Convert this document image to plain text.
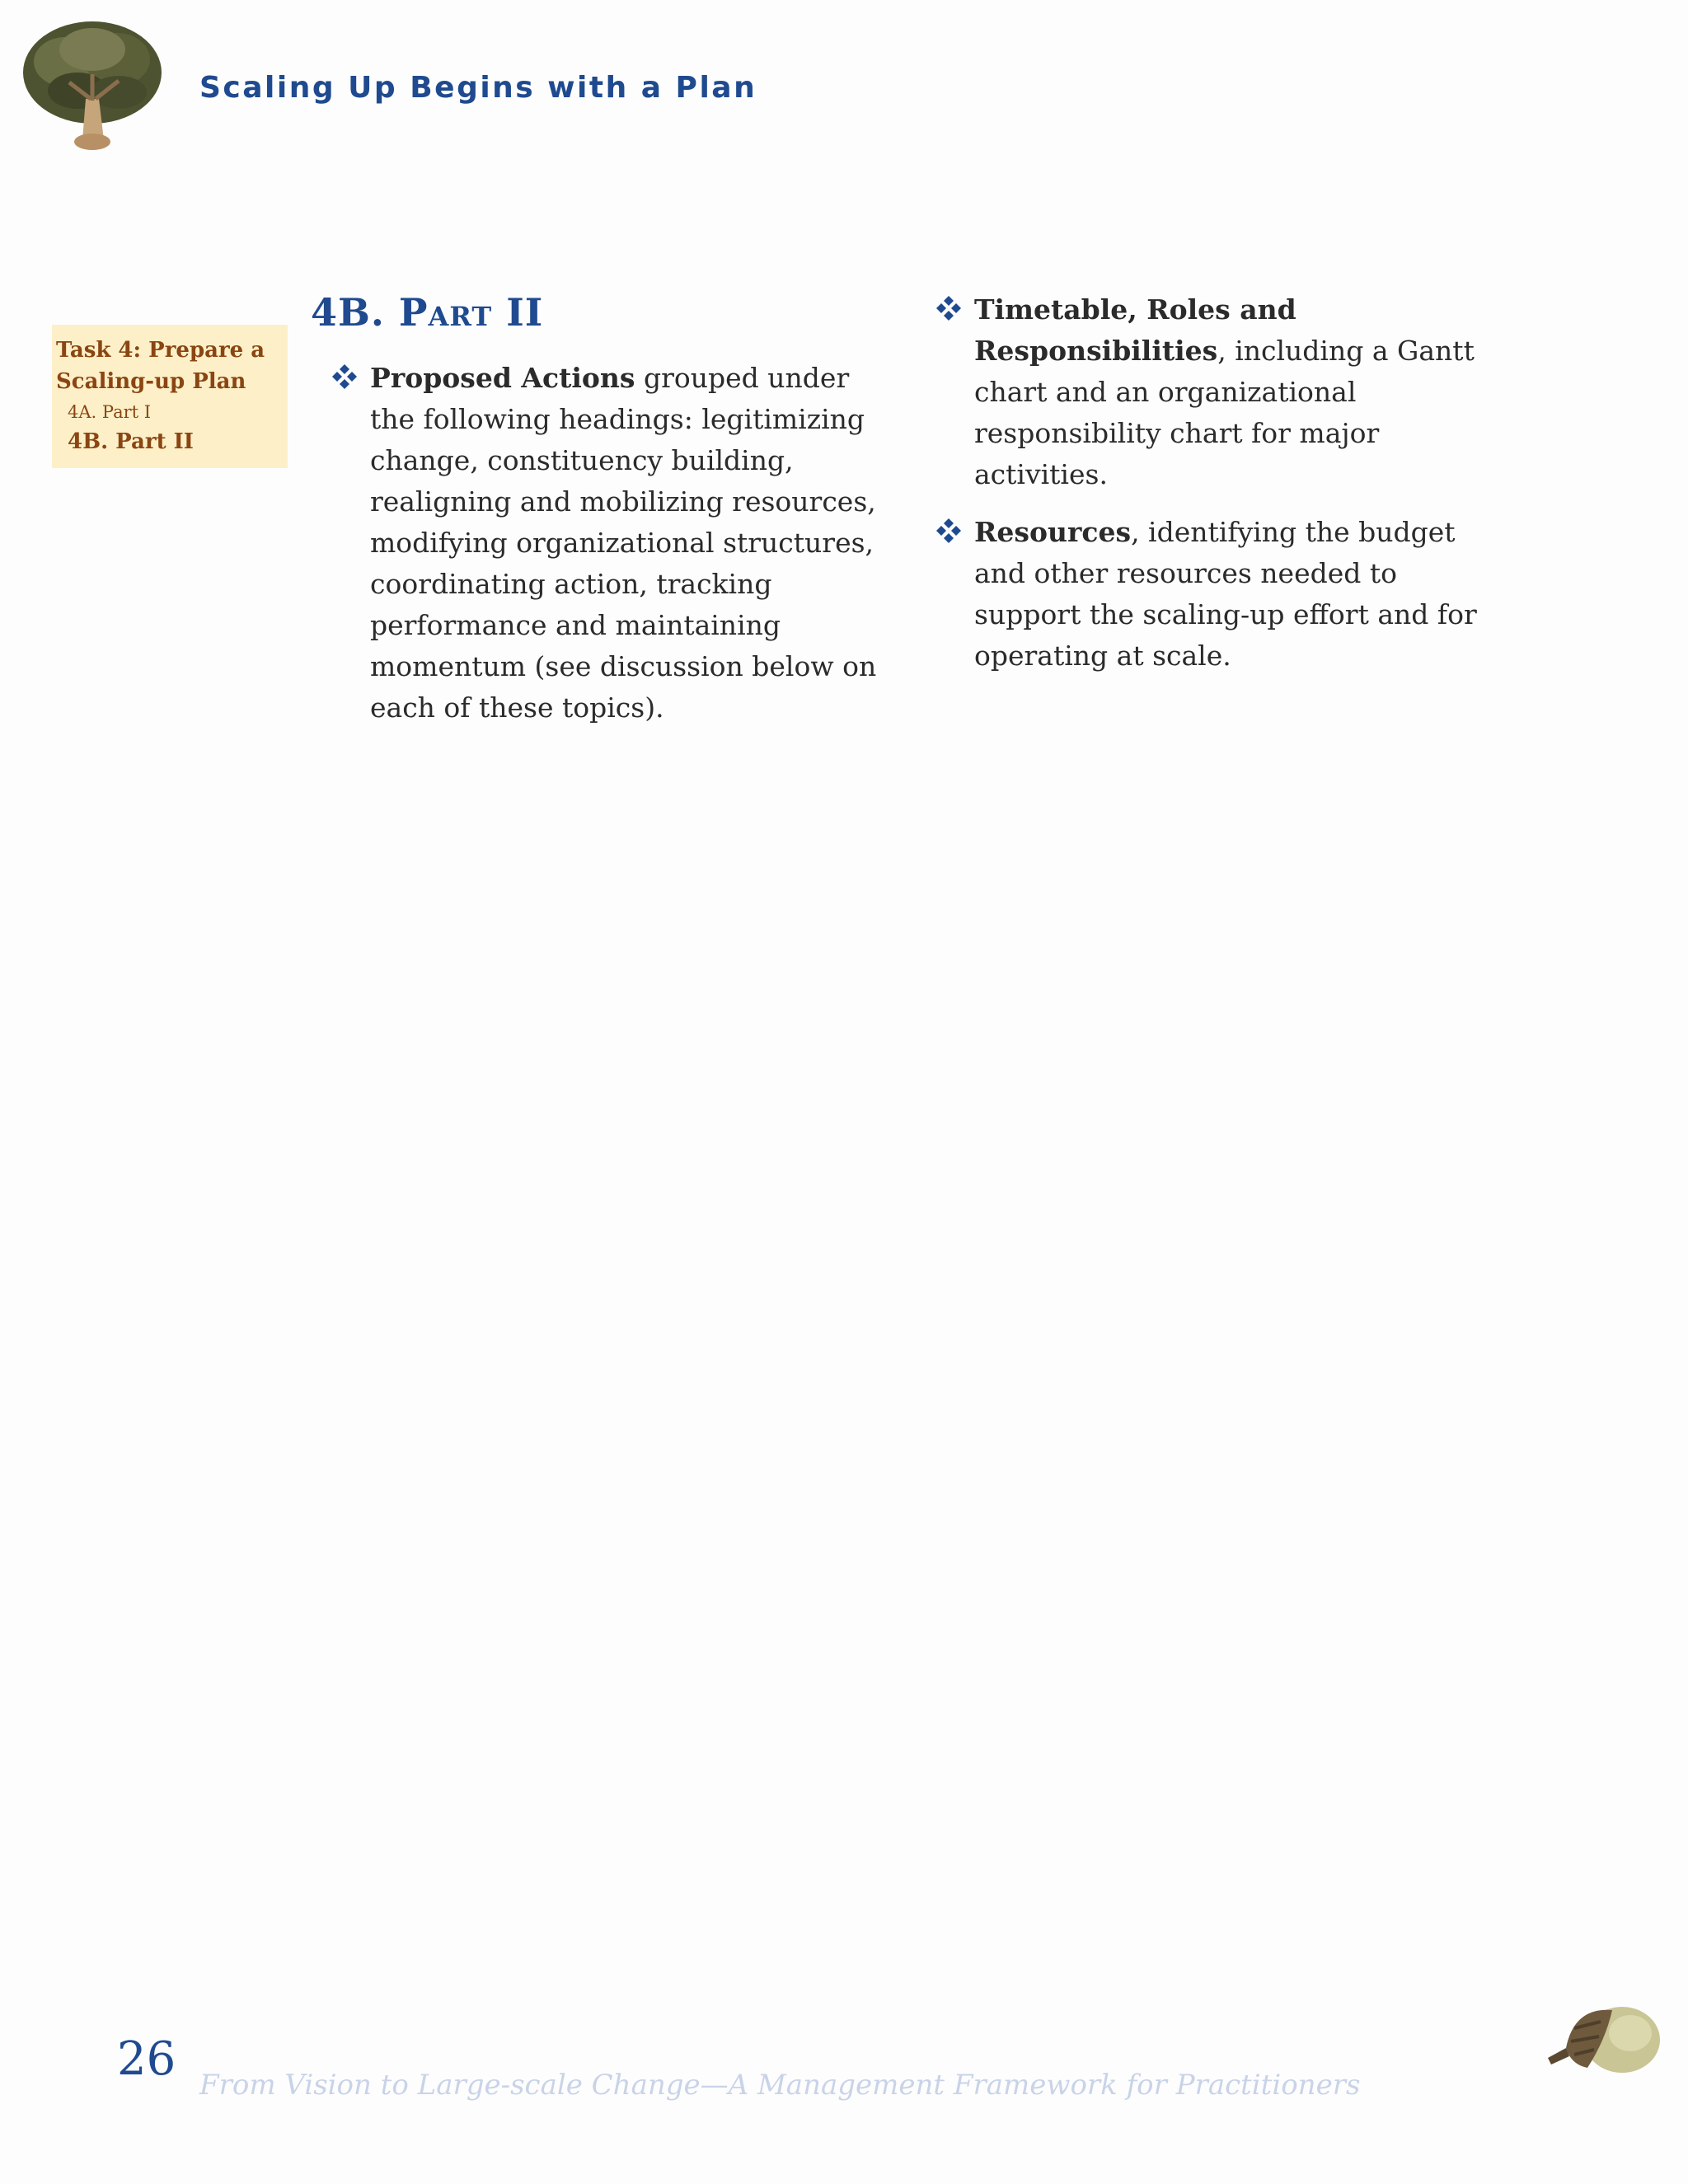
Scaling Up Begins with a Plan
Task 4: Prepare a
Scaling-up Plan
4A. Part I
4B. Part II
4B. Part II
Proposed Actions grouped under the following headings: legitimizing change, constituency building, realigning and mobilizing resources, modifying organizational structures, coordinating action, tracking performance and maintaining momentum (see discussion below on each of these topics).
Timetable, Roles and Responsibilities, including a Gantt chart and an organizational responsibility chart for major activities.
Resources, identifying the budget and other resources needed to support the scaling-up effort and for operating at scale.
26 From Vision to Large-scale Change—A Management Framework for Practitioners
